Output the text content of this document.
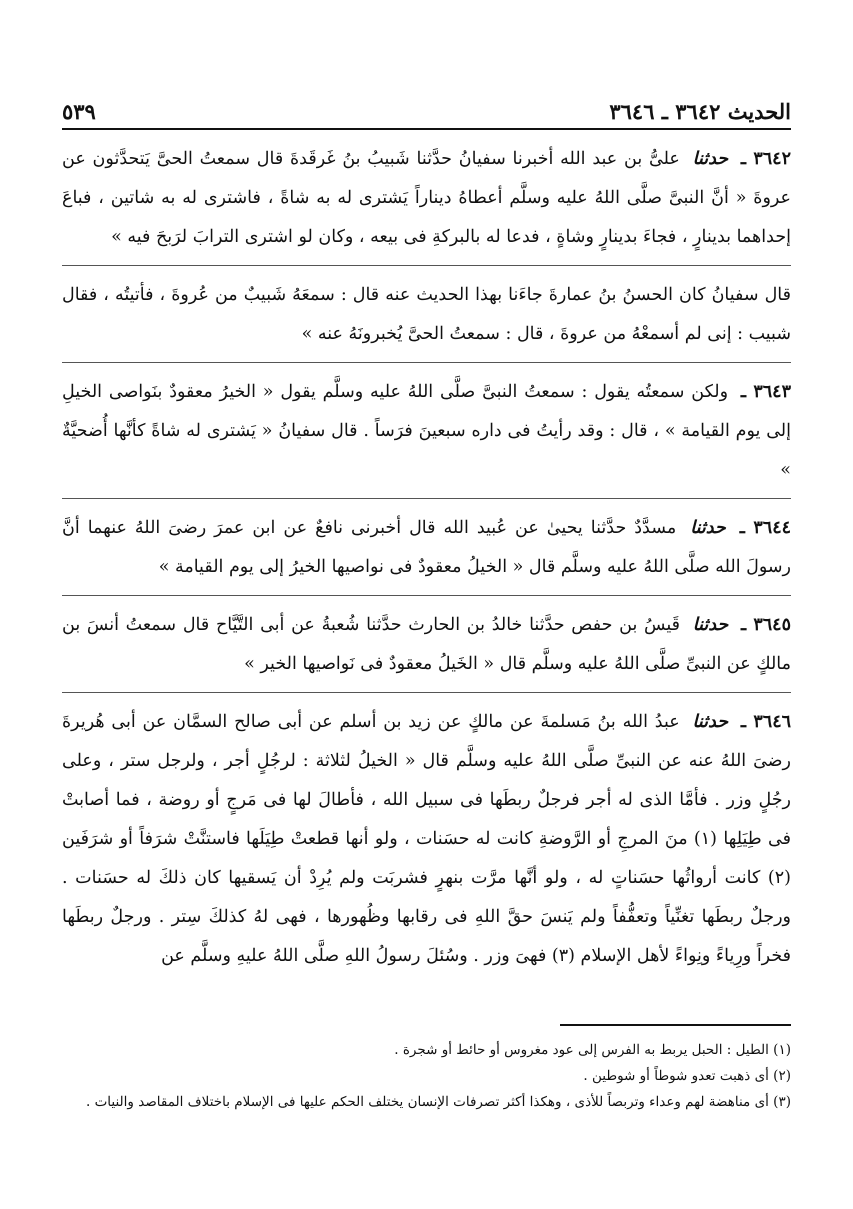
الحديث ٣٦٤٢ ـ ٣٦٤٦
٥٣٩

٣٦٤٢ ـ حدثنا علىُّ بن عبد الله أخبرنا سفيانُ حدَّثنا شَبيبُ بنُ غَرقَدةَ قال سمعتُ الحىَّ يَتحدَّثون عن عروةَ « أنَّ النبىَّ صلَّى اللهُ عليه وسلَّم أعطاهُ ديناراً يَشترى له به شاةً ، فاشترى له به شاتين ، فباعَ إحداهما بدينارٍ ، فجاءَ بدينارٍ وشاةٍ ، فدعا له بالبركةِ فى بيعه ، وكان لو اشترى الترابَ لرَبحَ فيه »

قال سفيانُ كان الحسنُ بنُ عمارةَ جاءَنا بهذا الحديث عنه قال : سمعَهُ شَبيبٌ من عُروةَ ، فأتيتُه ، فقال شبيب : إنى لم أسمعْهُ من عروةَ ، قال : سمعتُ الحىَّ يُخبرونَهُ عنه »

٣٦٤٣ ـ ولكن سمعتُه يقول : سمعتُ النبىَّ صلَّى اللهُ عليه وسلَّم يقول « الخيرُ معقودٌ بنَواصى الخيلِ إلى يوم القيامة » ، قال : وقد رأيتُ فى داره سبعينَ فرَساً . قال سفيانُ « يَشترى له شاةً كأنَّها أُضحيَّةٌ »

٣٦٤٤ ـ حدثنا مسدَّدٌ حدَّثنا يحيىٰ عن عُبيد الله قال أخبرنى نافعٌ عن ابن عمرَ رضىَ اللهُ عنهما أنَّ رسولَ الله صلَّى اللهُ عليه وسلَّم قال « الخيلُ معقودٌ فى نواصيها الخيرُ إلى يوم القيامة »

٣٦٤٥ ـ حدثنا قَيسُ بن حفص حدَّثنا خالدُ بن الحارث حدَّثنا شُعبةُ عن أبى التَّيَّاح قال سمعتُ أنسَ بن مالكٍ عن النبىِّ صلَّى اللهُ عليه وسلَّم قال « الخَيلُ معقودٌ فى نَواصيها الخير »

٣٦٤٦ ـ حدثنا عبدُ الله بنُ مَسلمةَ عن مالكٍ عن زيد بن أسلم عن أبى صالح السمَّان عن أبى هُريرةَ رضىَ اللهُ عنه عن النبىِّ صلَّى اللهُ عليه وسلَّم قال « الخيلُ لثلاثة : لرجُلٍ أجر ، ولرجل ستر ، وعلى رجُلٍ وزر . فأمَّا الذى له أجر فرجلٌ ربطَها فى سبيل الله ، فأطالَ لها فى مَرجٍ أو روضة ، فما أصابتْ فى طِيَلِها (١) منَ المرجِ أو الرَّوضةِ كانت له حسَنات ، ولو أنها قطعتْ طِيَلَها فاستنَّتْ شرَفاً أو شرَفَين (٢) كانت أرواثُها حسَناتٍ له ، ولو أنَّها مرَّت بنهرٍ فشربَت ولم يُرِدْ أن يَسقيها كان ذلكَ له حسَنات . ورجلٌ ربطَها تغنِّياً وتعفُّفاً ولم يَنسَ حقَّ اللهِ فى رقابها وظُهورها ، فهى لهُ كذلكَ سِتر . ورجلٌ ربطَها فخراً ورِياءً ونِواءً لأهل الإسلام (٣) فهىَ وزر . وسُئلَ رسولُ اللهِ صلَّى اللهُ عليهِ وسلَّم عن

(١) الطيل : الحبل يربط به الفرس إلى عود مغروس أو حائط أو شجرة .

(٢) أى ذهبت تعدو شوطاً أو شوطين .

(٣) أى مناهضة لهم وعداء وتربصاً للأذى ، وهكذا أكثر تصرفات الإنسان يختلف الحكم عليها فى الإسلام باختلاف المقاصد والنيات .
